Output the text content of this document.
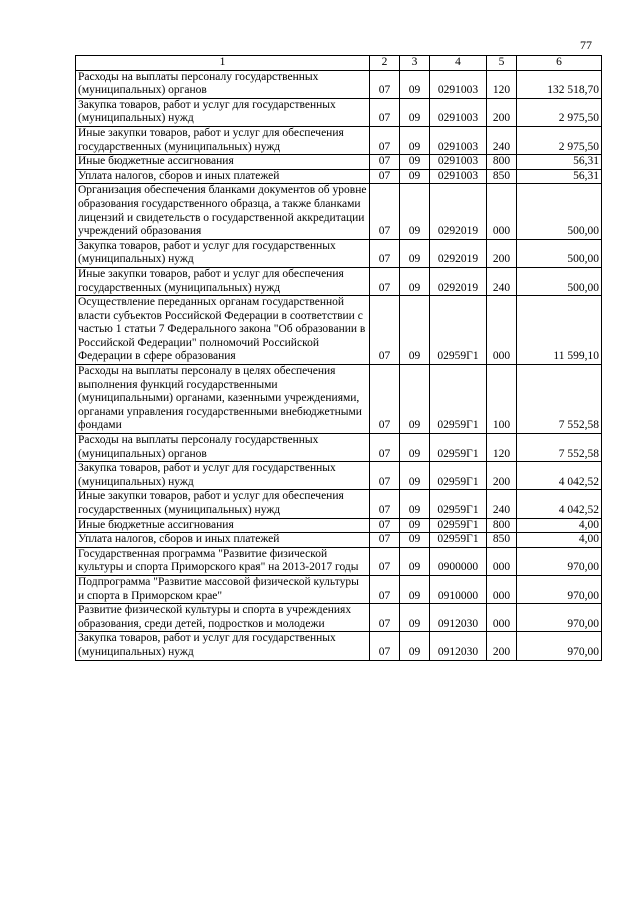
77
1	2	3	4	5	6
Расходы на выплаты персоналу государственных (муниципальных) органов	07	09	0291003	120	132 518,70
Закупка товаров, работ и услуг для государственных (муниципальных) нужд	07	09	0291003	200	2 975,50
Иные закупки товаров, работ и услуг для обеспечения государственных (муниципальных) нужд	07	09	0291003	240	2 975,50
Иные бюджетные ассигнования	07	09	0291003	800	56,31
Уплата налогов, сборов и иных платежей	07	09	0291003	850	56,31
Организация обеспечения бланками документов об уровне образования государственного образца, а также бланками лицензий и свидетельств о государственной аккредитации учреждений образования	07	09	0292019	000	500,00
Закупка товаров, работ и услуг для государственных (муниципальных) нужд	07	09	0292019	200	500,00
Иные закупки товаров, работ и услуг для обеспечения государственных (муниципальных) нужд	07	09	0292019	240	500,00
Осуществление переданных органам государственной власти субъектов Российской Федерации в соответствии с частью 1 статьи 7 Федерального закона "Об образовании в Российской Федерации" полномочий Российской Федерации в сфере образования	07	09	02959Г1	000	11 599,10
Расходы на выплаты персоналу в целях обеспечения выполнения функций государственными (муниципальными) органами, казенными учреждениями, органами управления государственными внебюджетными фондами	07	09	02959Г1	100	7 552,58
Расходы на выплаты персоналу государственных (муниципальных) органов	07	09	02959Г1	120	7 552,58
Закупка товаров, работ и услуг для государственных (муниципальных) нужд	07	09	02959Г1	200	4 042,52
Иные закупки товаров, работ и услуг для обеспечения государственных (муниципальных) нужд	07	09	02959Г1	240	4 042,52
Иные бюджетные ассигнования	07	09	02959Г1	800	4,00
Уплата налогов, сборов и иных платежей	07	09	02959Г1	850	4,00
Государственная программа "Развитие физической культуры и спорта Приморского края" на 2013-2017 годы	07	09	0900000	000	970,00
Подпрограмма "Развитие массовой физической культуры и спорта в Приморском крае"	07	09	0910000	000	970,00
Развитие физической культуры и спорта в учреждениях образования, среди детей, подростков и молодежи	07	09	0912030	000	970,00
Закупка товаров, работ и услуг для государственных (муниципальных) нужд	07	09	0912030	200	970,00
